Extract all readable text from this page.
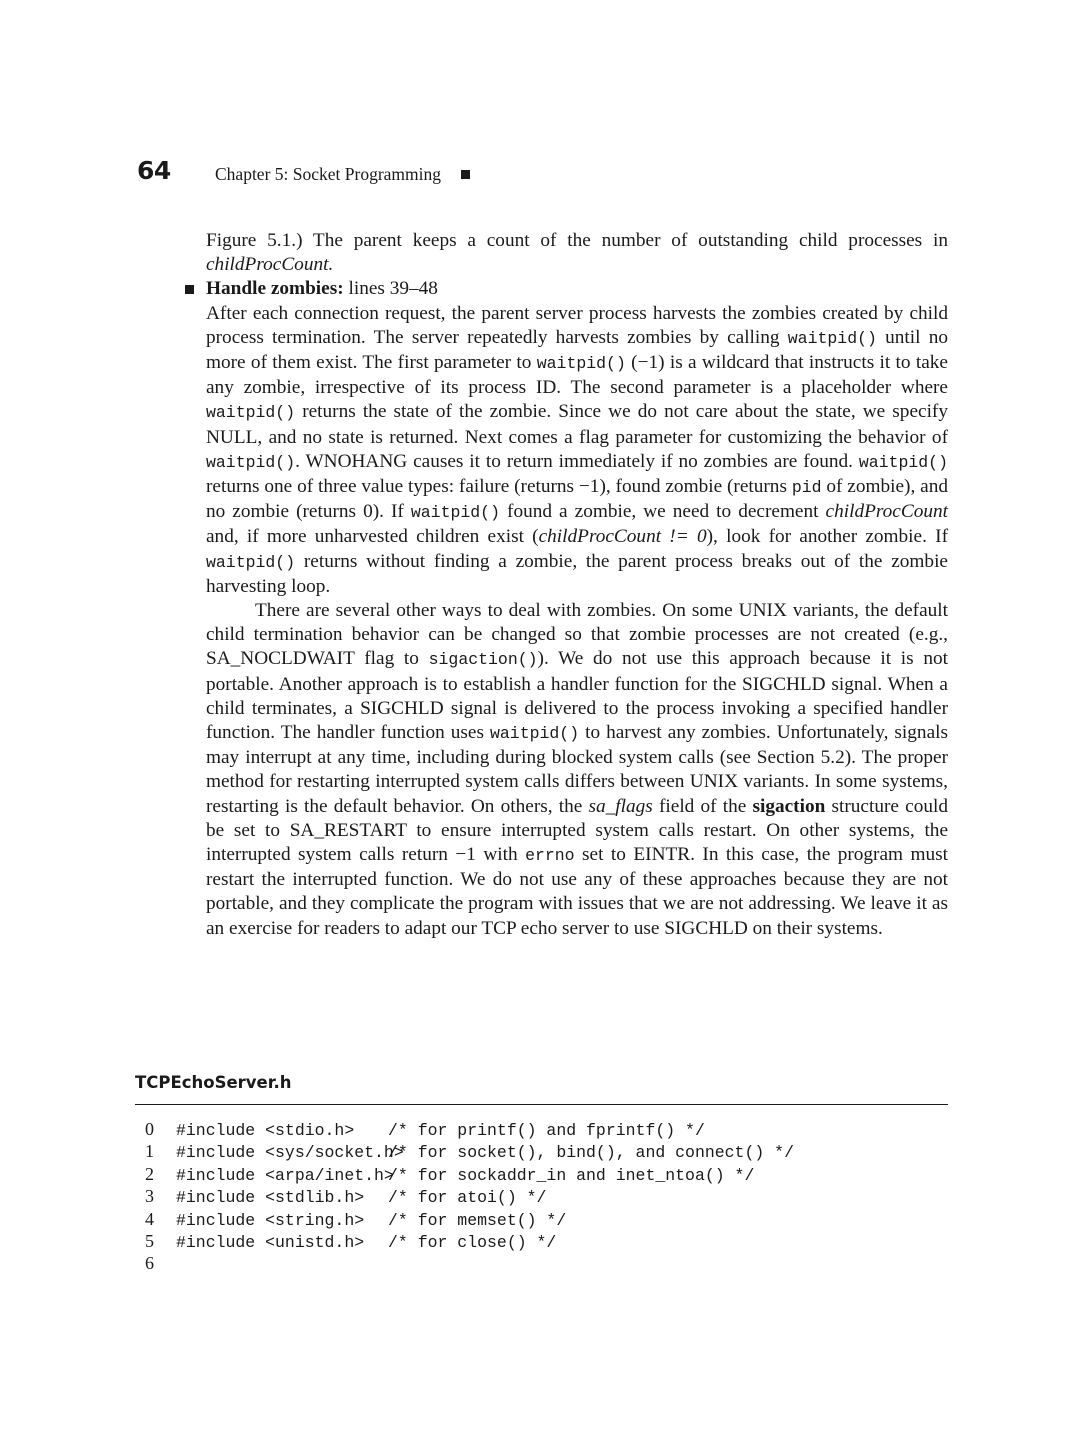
64	Chapter 5: Socket Programming

Figure 5.1.) The parent keeps a count of the number of outstanding child processes in childProcCount.

Handle zombies: lines 39–48

After each connection request, the parent server process harvests the zombies created by child process termination. The server repeatedly harvests zombies by calling waitpid() until no more of them exist. The first parameter to waitpid() (−1) is a wildcard that instructs it to take any zombie, irrespective of its process ID. The second parameter is a placeholder where waitpid() returns the state of the zombie. Since we do not care about the state, we specify NULL, and no state is returned. Next comes a flag parameter for customizing the behavior of waitpid(). WNOHANG causes it to return immediately if no zombies are found. waitpid() returns one of three value types: failure (returns −1), found zombie (returns pid of zombie), and no zombie (returns 0). If waitpid() found a zombie, we need to decrement childProcCount and, if more unharvested children exist (childProcCount != 0), look for another zombie. If waitpid() returns without finding a zombie, the parent process breaks out of the zombie harvesting loop.

There are several other ways to deal with zombies. On some UNIX variants, the default child termination behavior can be changed so that zombie processes are not created (e.g., SA_NOCLDWAIT flag to sigaction()). We do not use this approach because it is not portable. Another approach is to establish a handler function for the SIGCHLD signal. When a child terminates, a SIGCHLD signal is delivered to the process invoking a specified handler function. The handler function uses waitpid() to harvest any zombies. Unfortunately, signals may interrupt at any time, including during blocked system calls (see Section 5.2). The proper method for restarting interrupted system calls differs between UNIX variants. In some systems, restarting is the default behavior. On others, the sa_flags field of the sigaction structure could be set to SA_RESTART to ensure interrupted system calls restart. On other systems, the interrupted system calls return −1 with errno set to EINTR. In this case, the program must restart the interrupted function. We do not use any of these approaches because they are not portable, and they complicate the program with issues that we are not addressing. We leave it as an exercise for readers to adapt our TCP echo server to use SIGCHLD on their systems.

TCPEchoServer.h
0 #include <stdio.h> /* for printf() and fprintf() */
1 #include <sys/socket.h>/* for socket(), bind(), and connect() */
2 #include <arpa/inet.h>/* for sockaddr_in and inet_ntoa() */
3 #include <stdlib.h> /* for atoi() */
4 #include <string.h> /* for memset() */
5 #include <unistd.h> /* for close() */
6
